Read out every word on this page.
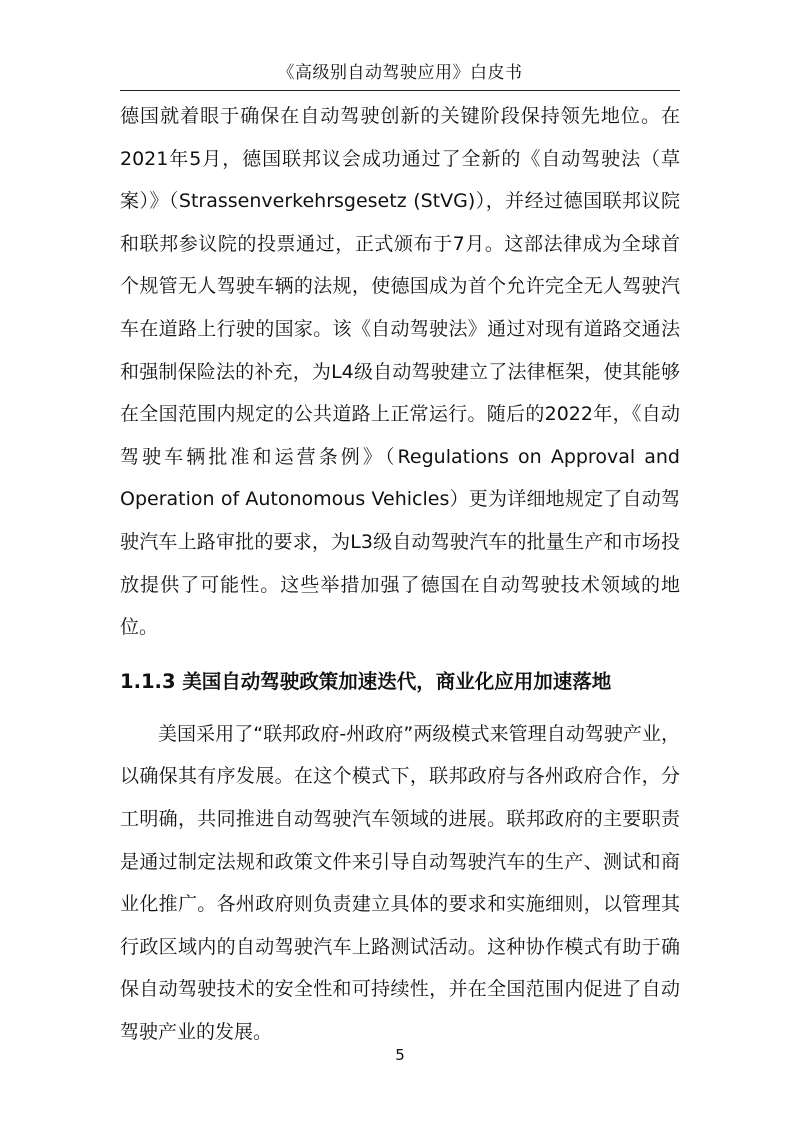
《高级别自动驾驶应用》白皮书

德国就着眼于确保在自动驾驶创新的关键阶段保持领先地位。在2021年5月，德国联邦议会成功通过了全新的《自动驾驶法（草案）》（Strassenverkehrsgesetz (StVG)），并经过德国联邦议院和联邦参议院的投票通过，正式颁布于7月。这部法律成为全球首个规管无人驾驶车辆的法规，使德国成为首个允许完全无人驾驶汽车在道路上行驶的国家。该《自动驾驶法》通过对现有道路交通法和强制保险法的补充，为L4级自动驾驶建立了法律框架，使其能够在全国范围内规定的公共道路上正常运行。随后的2022年，《自动驾驶车辆批准和运营条例》（Regulations on Approval and Operation of Autonomous Vehicles）更为详细地规定了自动驾驶汽车上路审批的要求，为L3级自动驾驶汽车的批量生产和市场投放提供了可能性。这些举措加强了德国在自动驾驶技术领域的地位。

1.1.3 美国自动驾驶政策加速迭代，商业化应用加速落地

美国采用了“联邦政府-州政府”两级模式来管理自动驾驶产业，以确保其有序发展。在这个模式下，联邦政府与各州政府合作，分工明确，共同推进自动驾驶汽车领域的进展。联邦政府的主要职责是通过制定法规和政策文件来引导自动驾驶汽车的生产、测试和商业化推广。各州政府则负责建立具体的要求和实施细则，以管理其行政区域内的自动驾驶汽车上路测试活动。这种协作模式有助于确保自动驾驶技术的安全性和可持续性，并在全国范围内促进了自动驾驶产业的发展。

5
